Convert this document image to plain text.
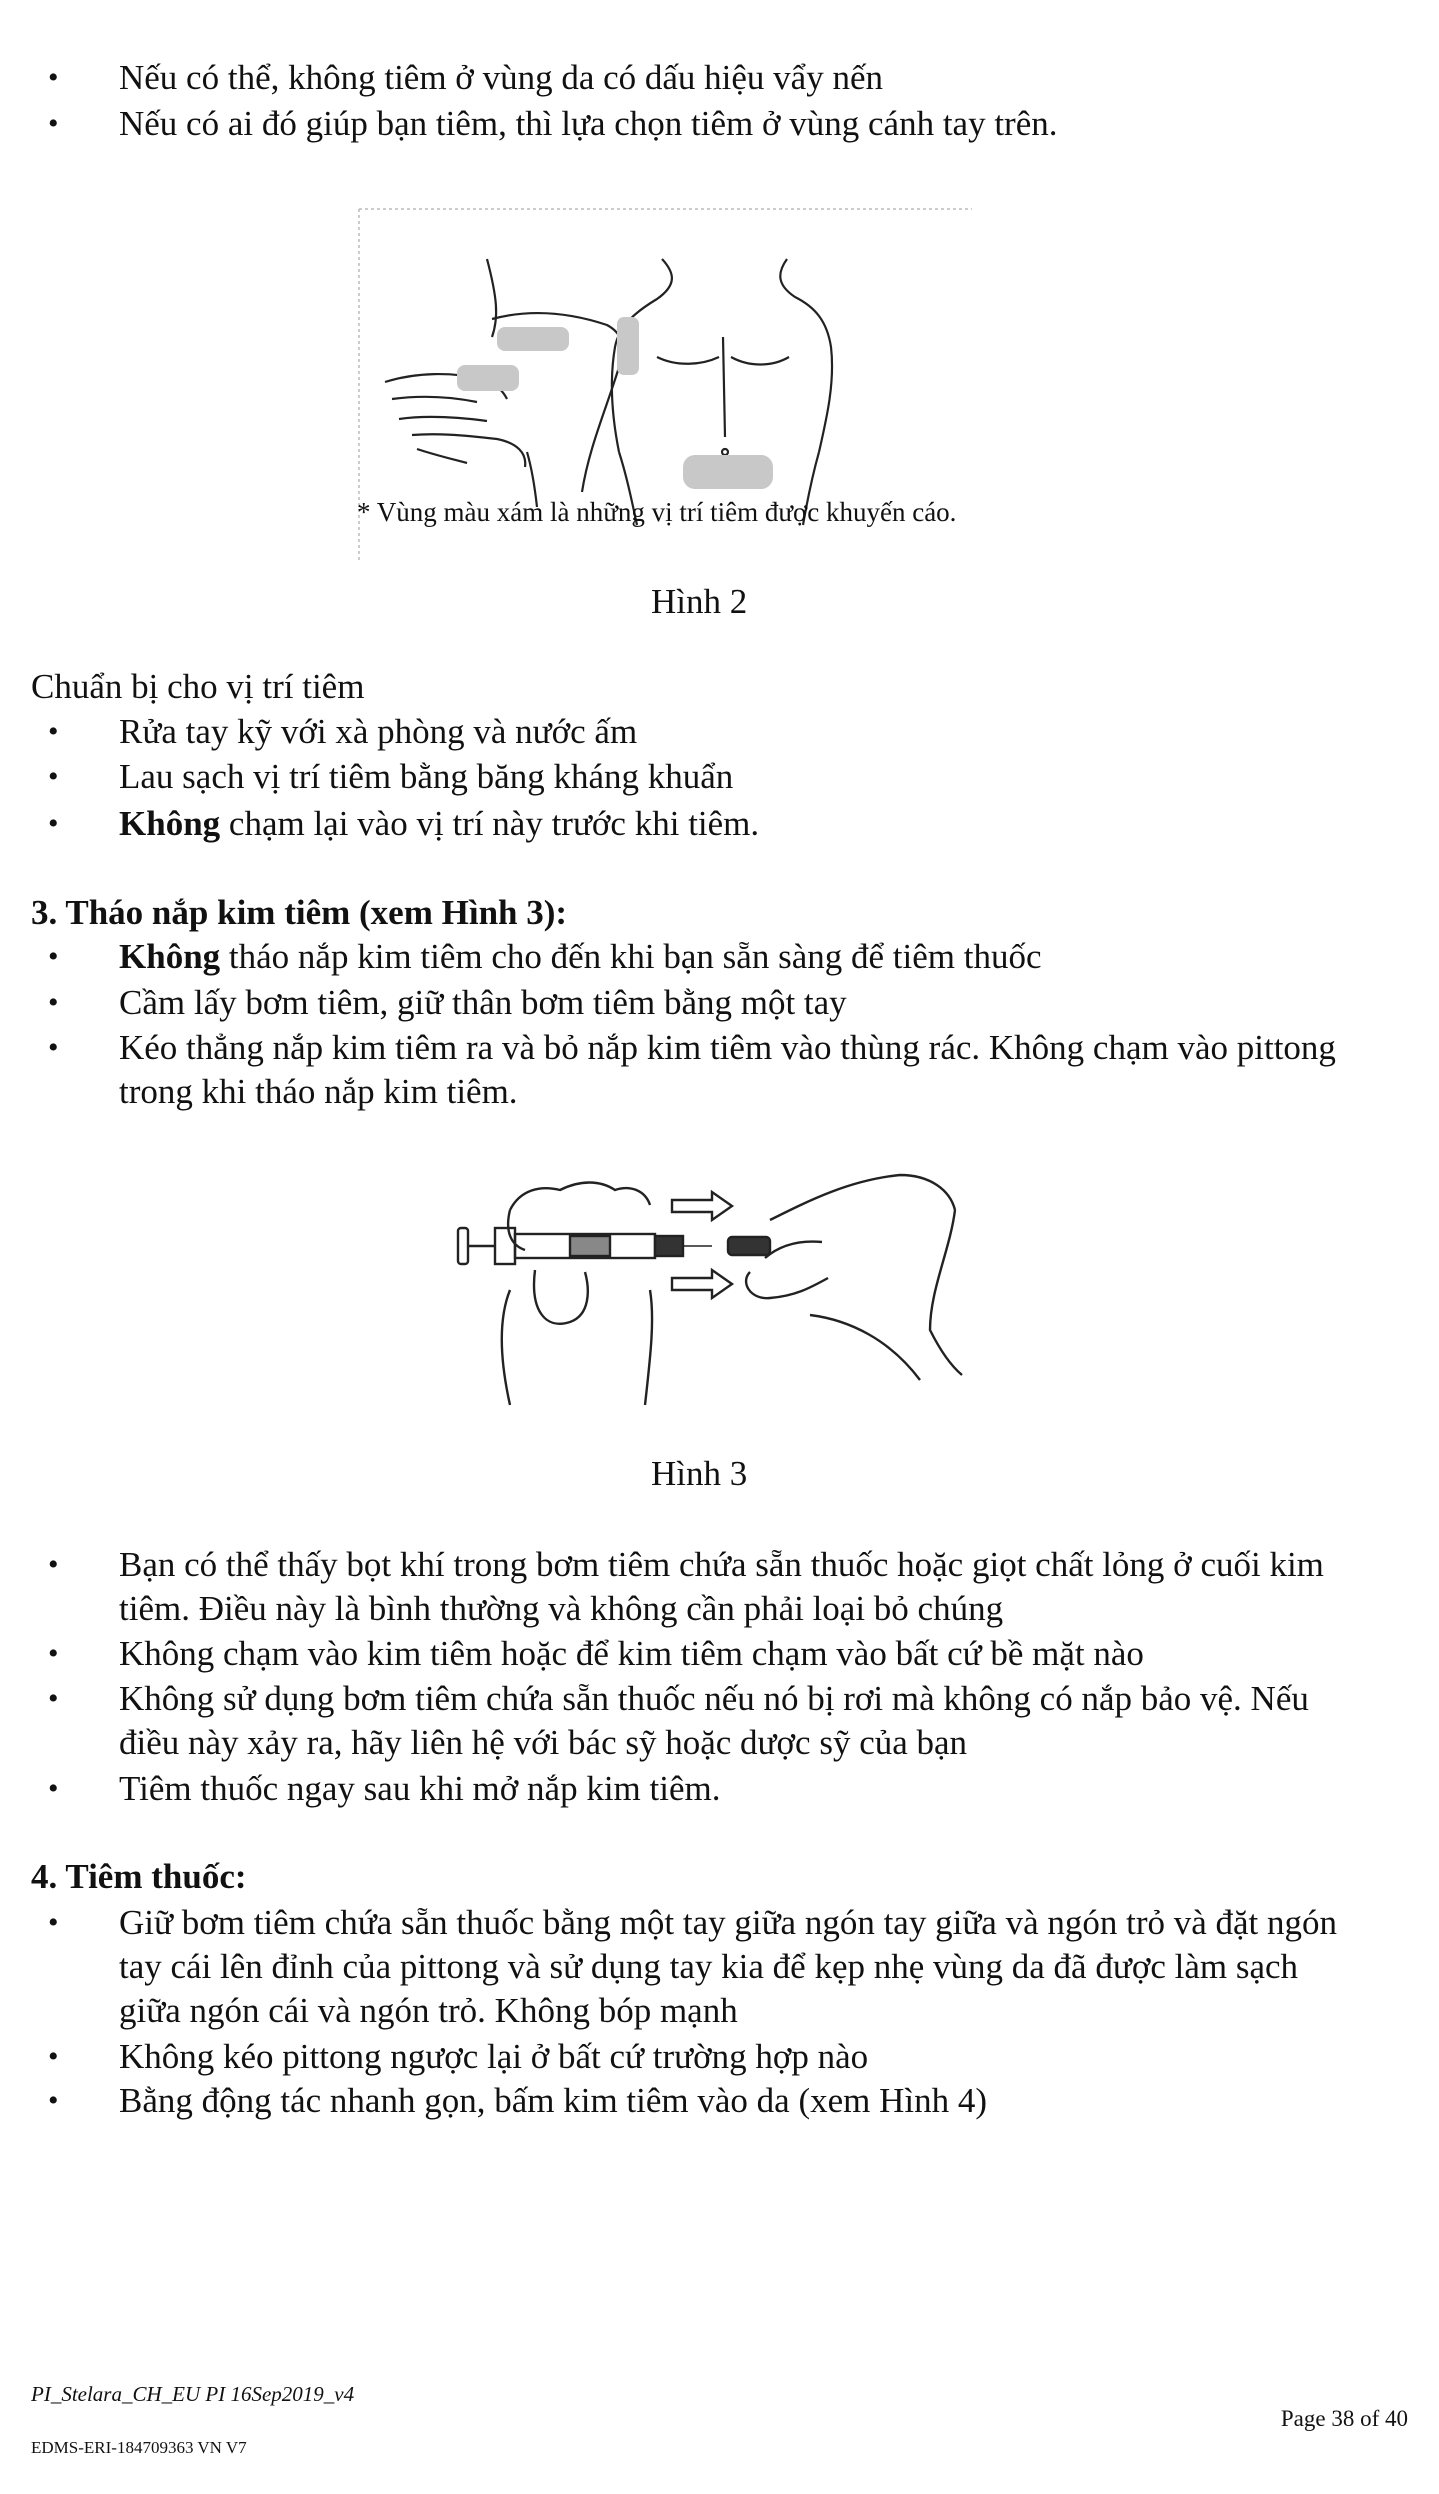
• Nếu có thể, không tiêm ở vùng da có dấu hiệu vẩy nến
• Nếu có ai đó giúp bạn tiêm, thì lựa chọn tiêm ở vùng cánh tay trên.
* Vùng màu xám là những vị trí tiêm được khuyến cáo.
Hình 2
Chuẩn bị cho vị trí tiêm
• Rửa tay kỹ với xà phòng và nước ấm
• Lau sạch vị trí tiêm bằng băng kháng khuẩn
• Không chạm lại vào vị trí này trước khi tiêm.
3. Tháo nắp kim tiêm (xem Hình 3):
• Không tháo nắp kim tiêm cho đến khi bạn sẵn sàng để tiêm thuốc
• Cầm lấy bơm tiêm, giữ thân bơm tiêm bằng một tay
• Kéo thẳng nắp kim tiêm ra và bỏ nắp kim tiêm vào thùng rác. Không chạm vào pittong
trong khi tháo nắp kim tiêm.
Hình 3
• Bạn có thể thấy bọt khí trong bơm tiêm chứa sẵn thuốc hoặc giọt chất lỏng ở cuối kim
tiêm. Điều này là bình thường và không cần phải loại bỏ chúng
• Không chạm vào kim tiêm hoặc để kim tiêm chạm vào bất cứ bề mặt nào
• Không sử dụng bơm tiêm chứa sẵn thuốc nếu nó bị rơi mà không có nắp bảo vệ. Nếu
điều này xảy ra, hãy liên hệ với bác sỹ hoặc dược sỹ của bạn
• Tiêm thuốc ngay sau khi mở nắp kim tiêm.
4. Tiêm thuốc:
• Giữ bơm tiêm chứa sẵn thuốc bằng một tay giữa ngón tay giữa và ngón trỏ và đặt ngón
tay cái lên đỉnh của pittong và sử dụng tay kia để kẹp nhẹ vùng da đã được làm sạch
giữa ngón cái và ngón trỏ. Không bóp mạnh
• Không kéo pittong ngược lại ở bất cứ trường hợp nào
• Bằng động tác nhanh gọn, bấm kim tiêm vào da (xem Hình 4)
PI_Stelara_CH_EU PI 16Sep2019_v4
Page 38 of 40
EDMS-ERI-184709363 VN V7
